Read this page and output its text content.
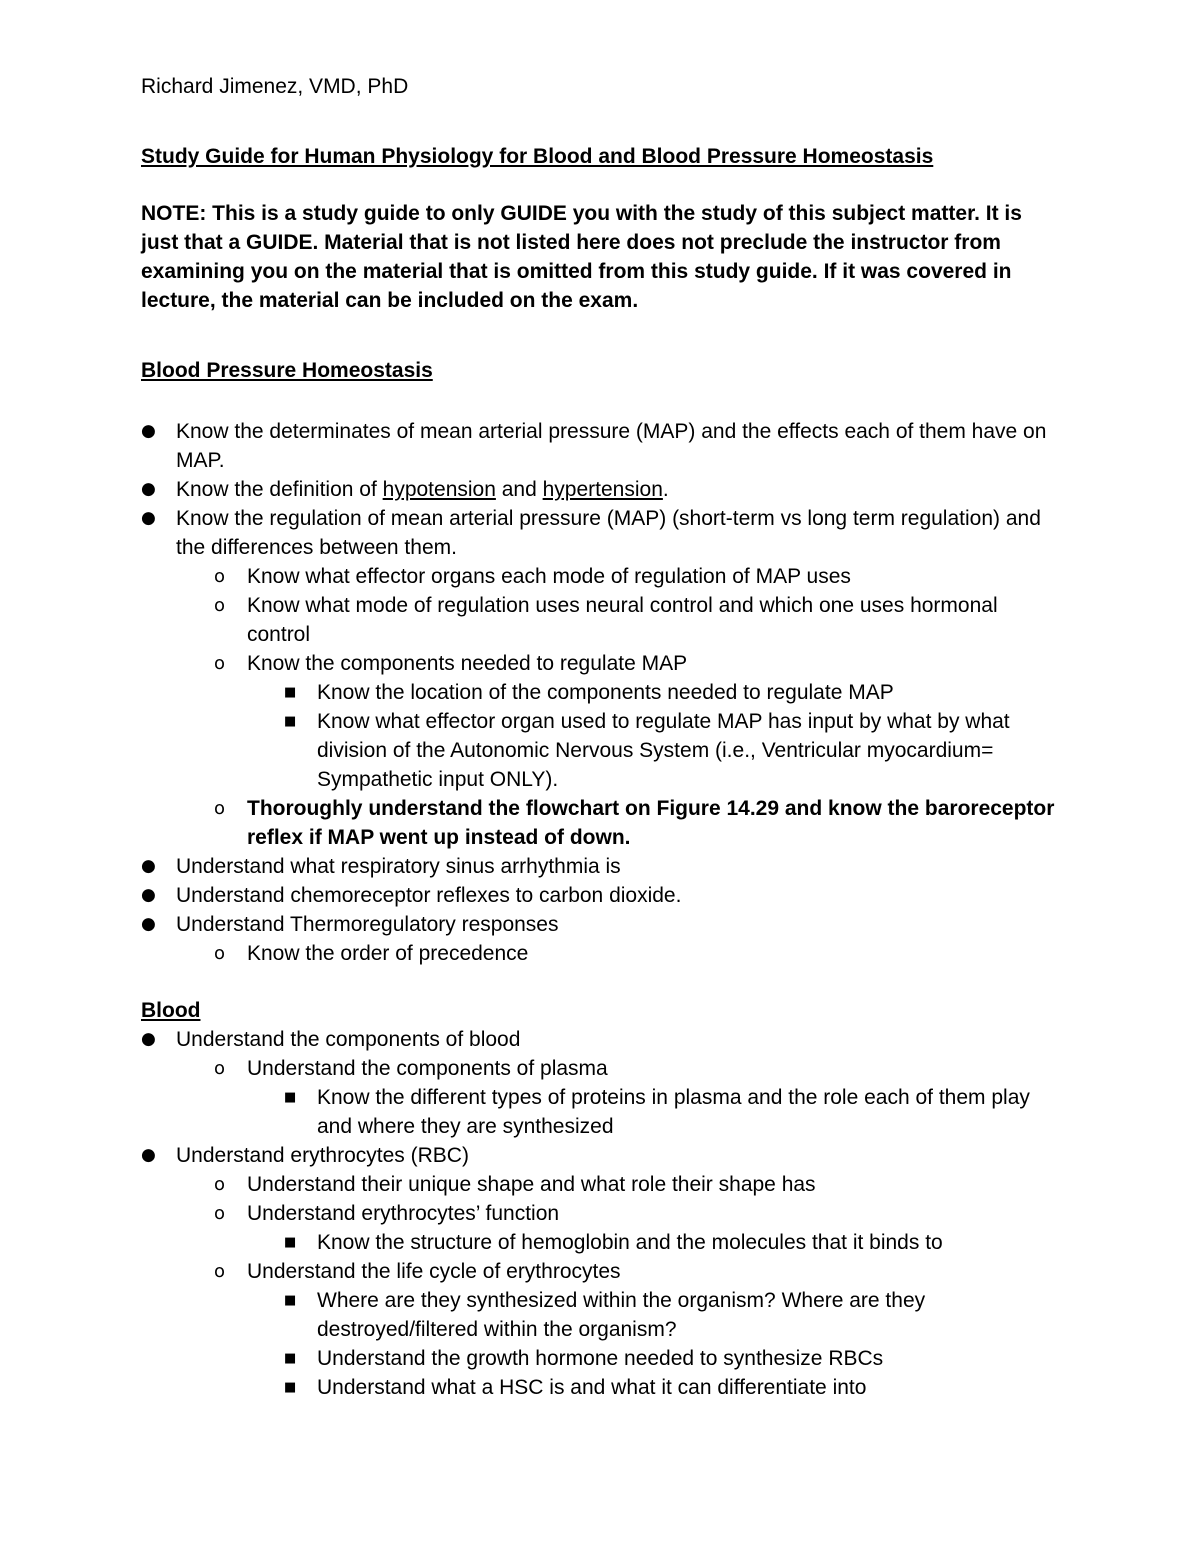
Richard Jimenez, VMD, PhD
Study Guide for Human Physiology for Blood and Blood Pressure Homeostasis
NOTE: This is a study guide to only GUIDE you with the study of this subject matter. It is just that a GUIDE. Material that is not listed here does not preclude the instructor from examining you on the material that is omitted from this study guide. If it was covered in lecture, the material can be included on the exam.
Blood Pressure Homeostasis
● Know the determinates of mean arterial pressure (MAP) and the effects each of them have on MAP.
● Know the definition of hypotension and hypertension.
● Know the regulation of mean arterial pressure (MAP) (short-term vs long term regulation) and the differences between them.
o Know what effector organs each mode of regulation of MAP uses
o Know what mode of regulation uses neural control and which one uses hormonal control
o Know the components needed to regulate MAP
■ Know the location of the components needed to regulate MAP
■ Know what effector organ used to regulate MAP has input by what by what division of the Autonomic Nervous System (i.e., Ventricular myocardium= Sympathetic input ONLY).
o Thoroughly understand the flowchart on Figure 14.29 and know the baroreceptor reflex if MAP went up instead of down.
● Understand what respiratory sinus arrhythmia is
● Understand chemoreceptor reflexes to carbon dioxide.
● Understand Thermoregulatory responses
o Know the order of precedence
Blood
● Understand the components of blood
o Understand the components of plasma
■ Know the different types of proteins in plasma and the role each of them play and where they are synthesized
● Understand erythrocytes (RBC)
o Understand their unique shape and what role their shape has
o Understand erythrocytes’ function
■ Know the structure of hemoglobin and the molecules that it binds to
o Understand the life cycle of erythrocytes
■ Where are they synthesized within the organism? Where are they destroyed/filtered within the organism?
■ Understand the growth hormone needed to synthesize RBCs
■ Understand what a HSC is and what it can differentiate into
